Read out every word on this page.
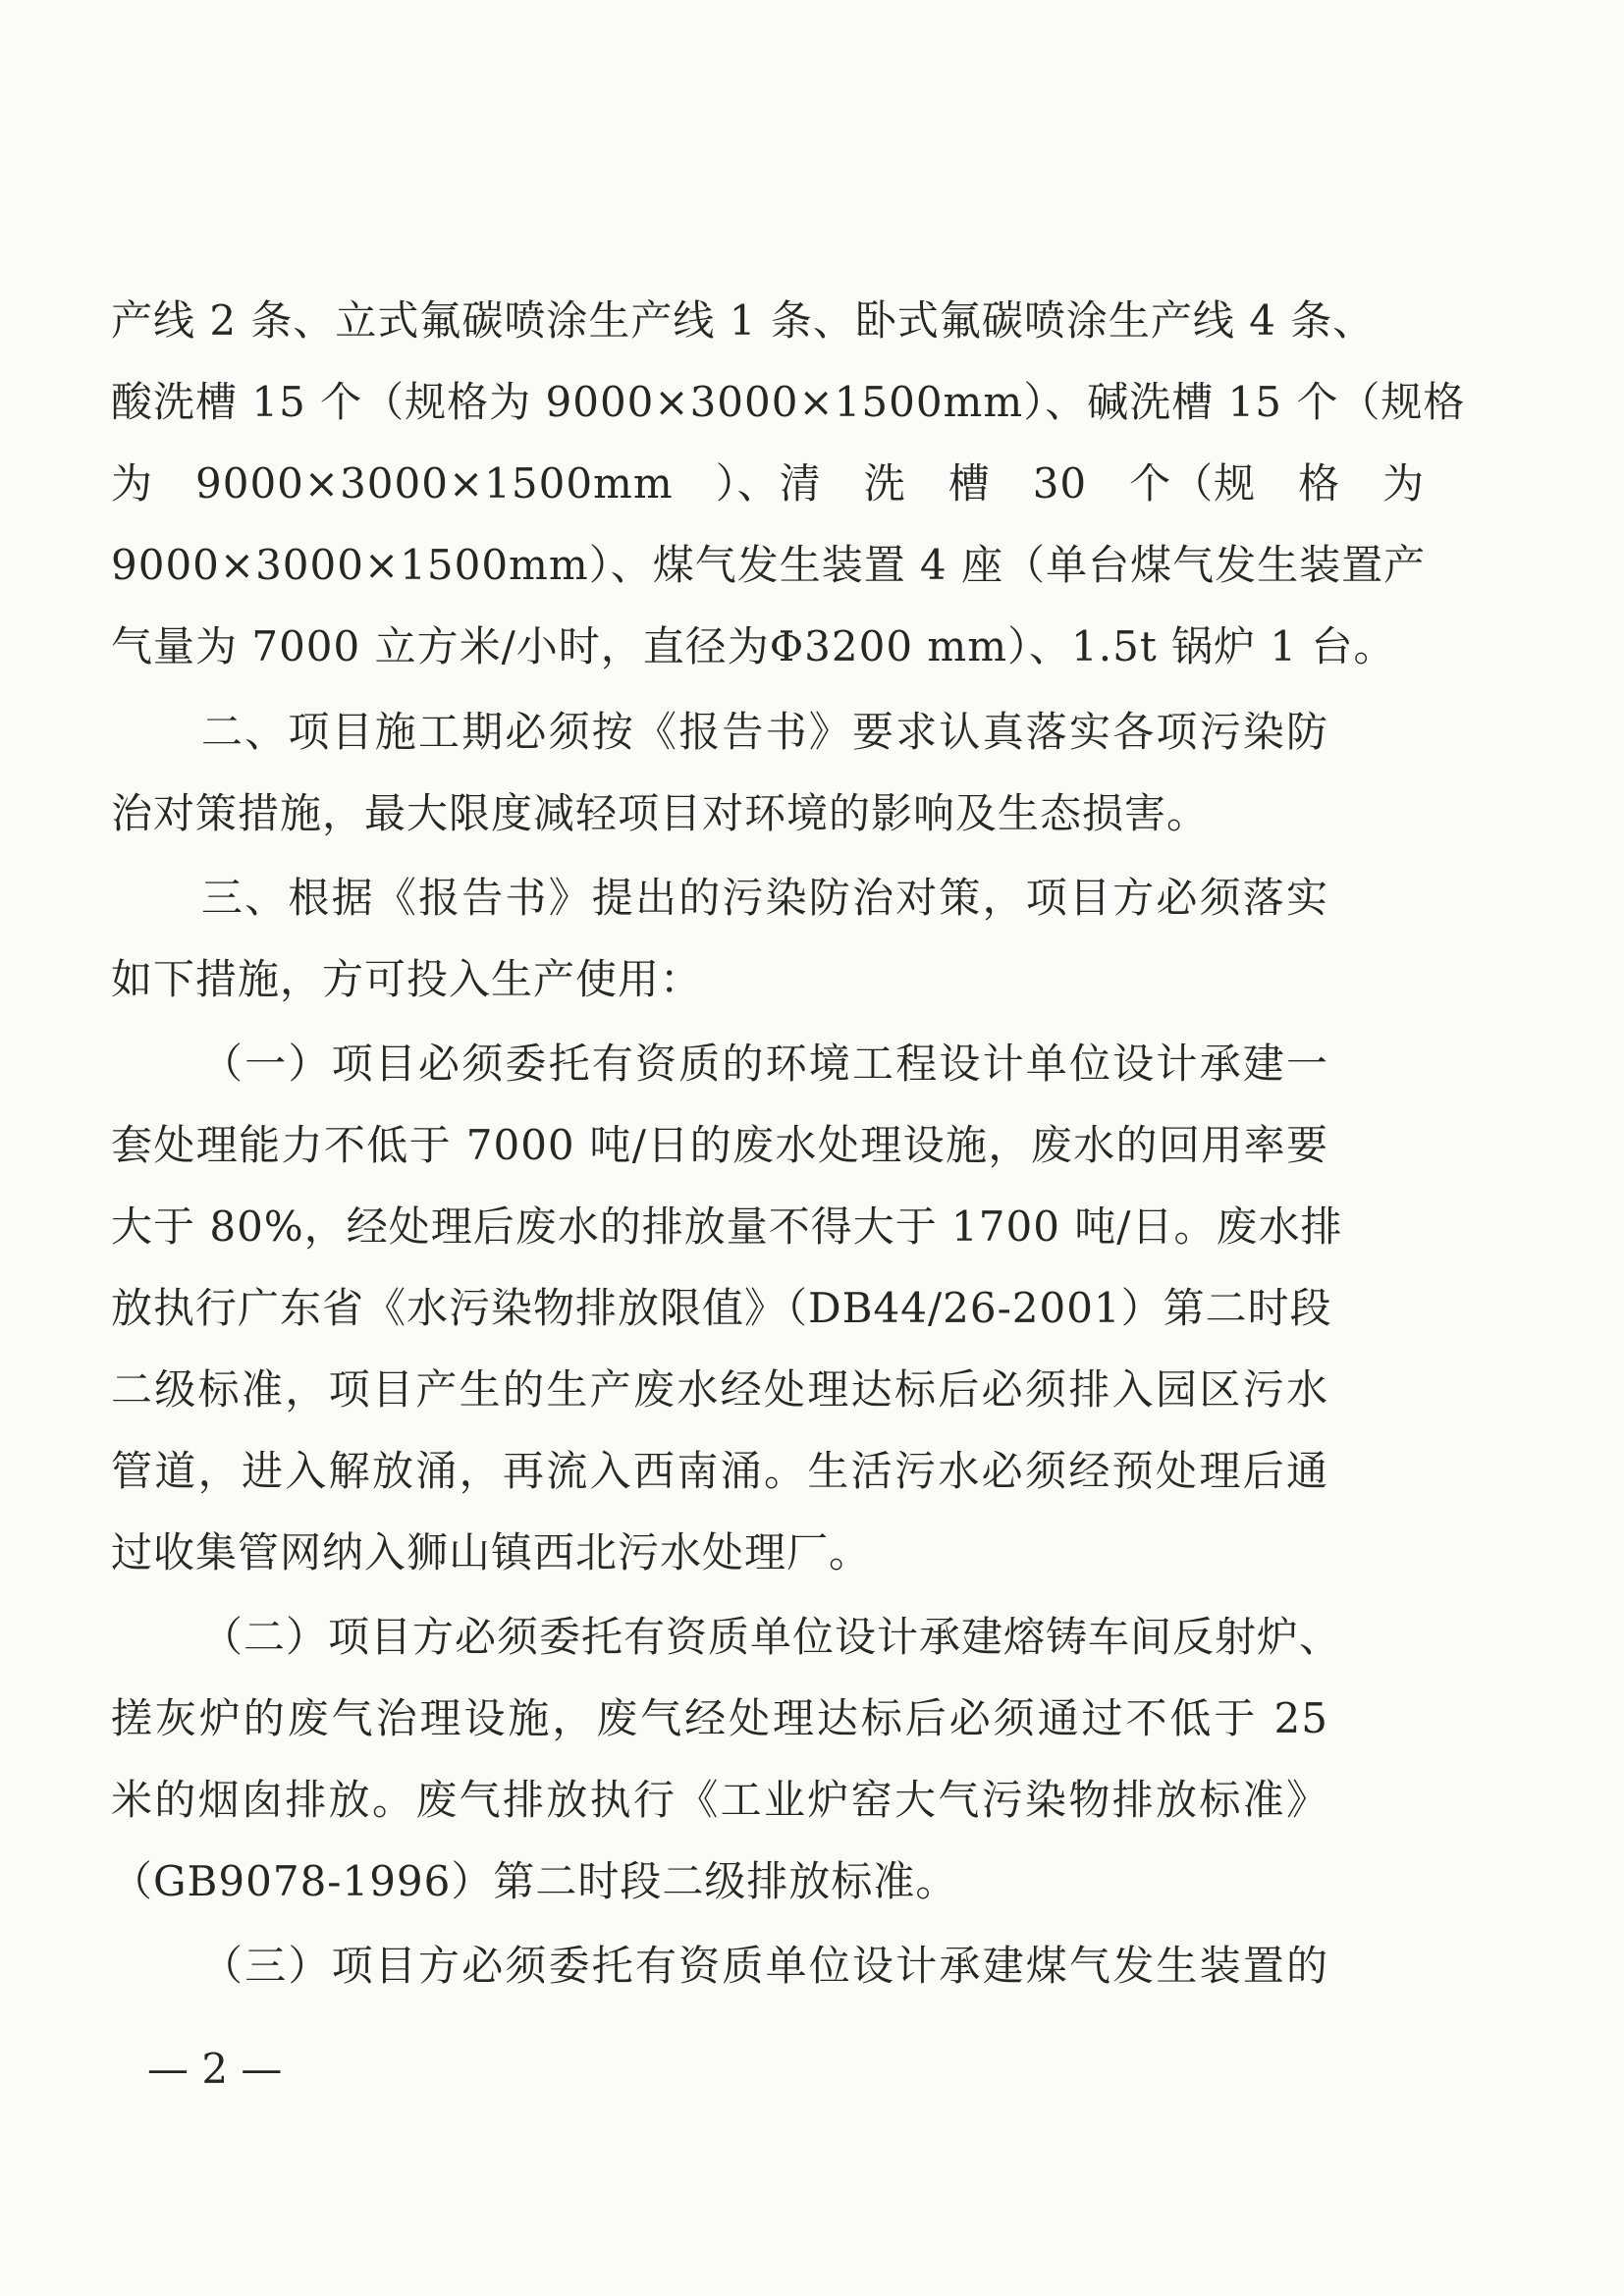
产线 2 条、立式氟碳喷涂生产线 1 条、卧式氟碳喷涂生产线 4 条、
酸洗槽 15 个（规格为 9000×3000×1500mm）、碱洗槽 15 个（规格
为　9000×3000×1500mm　）、清　洗　槽　30　个（规　格　为
9000×3000×1500mm）、煤气发生装置 4 座（单台煤气发生装置产
气量为 7000 立方米/小时，直径为Φ3200 mm）、1.5t 锅炉 1 台。
二、项目施工期必须按《报告书》要求认真落实各项污染防
治对策措施，最大限度减轻项目对环境的影响及生态损害。
三、根据《报告书》提出的污染防治对策，项目方必须落实
如下措施，方可投入生产使用：
（一）项目必须委托有资质的环境工程设计单位设计承建一
套处理能力不低于 7000 吨/日的废水处理设施，废水的回用率要
大于 80%，经处理后废水的排放量不得大于 1700 吨/日。废水排
放执行广东省《水污染物排放限值》（DB44/26-2001）第二时段
二级标准，项目产生的生产废水经处理达标后必须排入园区污水
管道，进入解放涌，再流入西南涌。生活污水必须经预处理后通
过收集管网纳入狮山镇西北污水处理厂。
（二）项目方必须委托有资质单位设计承建熔铸车间反射炉、
搓灰炉的废气治理设施，废气经处理达标后必须通过不低于 25
米的烟囱排放。废气排放执行《工业炉窑大气污染物排放标准》
（GB9078-1996）第二时段二级排放标准。
（三）项目方必须委托有资质单位设计承建煤气发生装置的
— 2 —
